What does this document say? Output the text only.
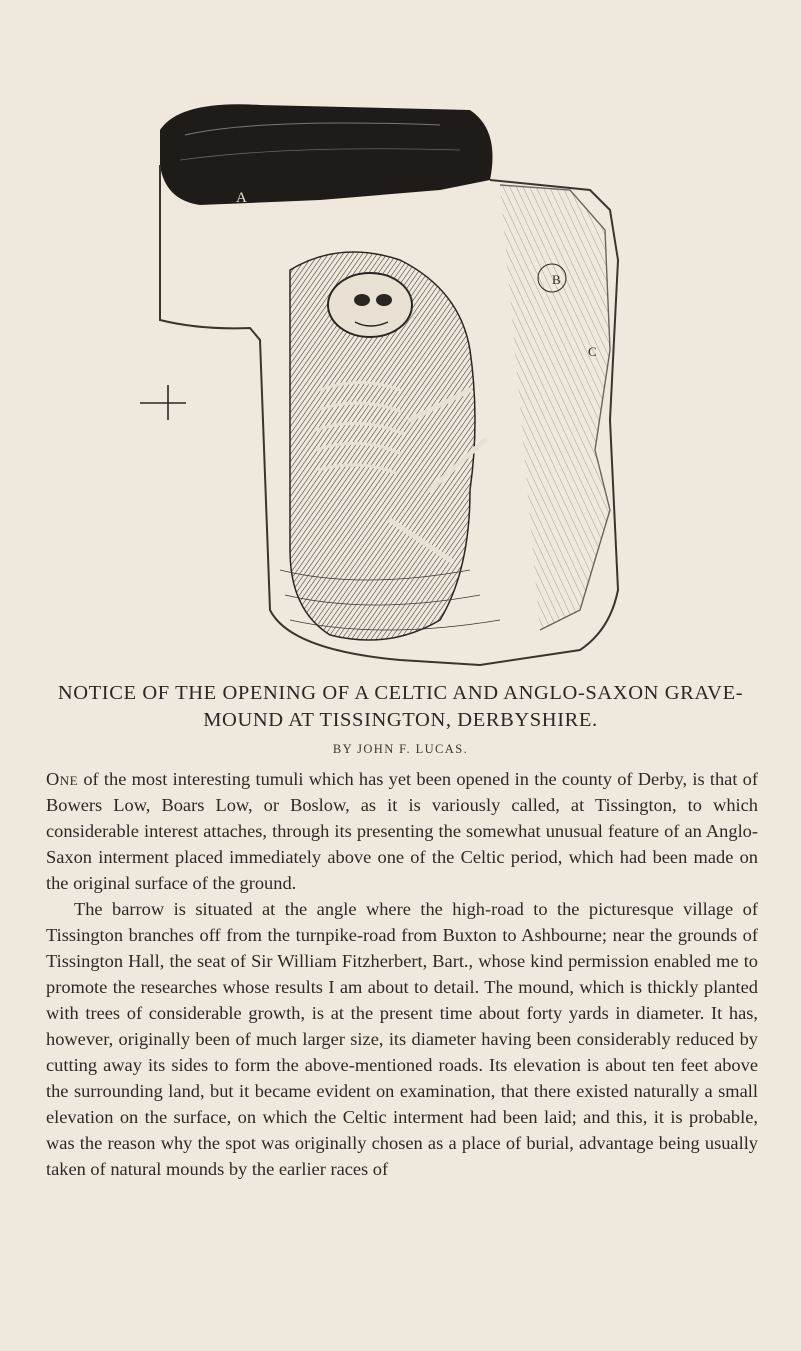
A
B
C
NOTICE OF THE OPENING OF A CELTIC AND ANGLO-SAXON GRAVE-MOUND AT TISSINGTON, DERBYSHIRE.
BY JOHN F. LUCAS.

One of the most interesting tumuli which has yet been opened in the county of Derby, is that of Bowers Low, Boars Low, or Boslow, as it is variously called, at Tissington, to which considerable interest attaches, through its presenting the somewhat unusual feature of an Anglo-Saxon interment placed immediately above one of the Celtic period, which had been made on the original surface of the ground.

The barrow is situated at the angle where the high-road to the picturesque village of Tissington branches off from the turnpike-road from Buxton to Ashbourne; near the grounds of Tissington Hall, the seat of Sir William Fitzherbert, Bart., whose kind permission enabled me to promote the researches whose results I am about to detail. The mound, which is thickly planted with trees of considerable growth, is at the present time about forty yards in diameter. It has, however, originally been of much larger size, its diameter having been considerably reduced by cutting away its sides to form the above-mentioned roads. Its elevation is about ten feet above the surrounding land, but it became evident on examination, that there existed naturally a small elevation on the surface, on which the Celtic interment had been laid; and this, it is probable, was the reason why the spot was originally chosen as a place of burial, advantage being usually taken of natural mounds by the earlier races of
